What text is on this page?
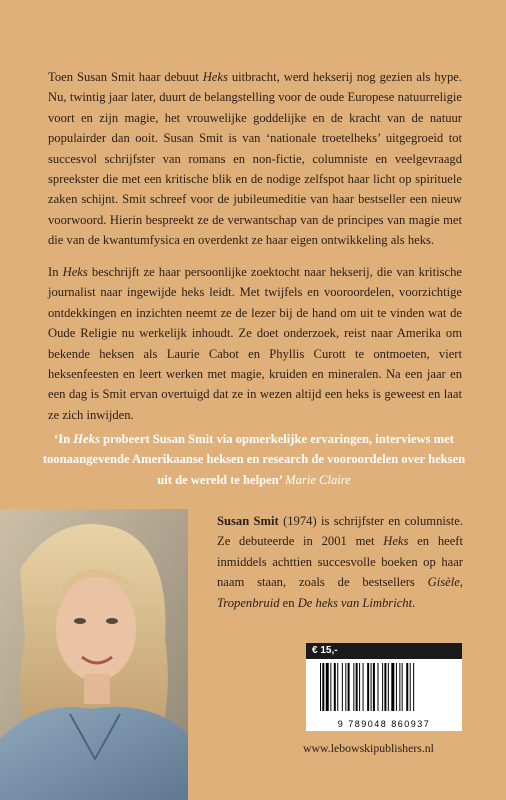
Toen Susan Smit haar debuut Heks uitbracht, werd hekserij nog gezien als hype. Nu, twintig jaar later, duurt de belangstelling voor de oude Europese natuurreligie voort en zijn magie, het vrouwelijke goddelijke en de kracht van de natuur populairder dan ooit. Susan Smit is van ‘nationale troetelheks’ uitgegroeid tot succesvol schrijfster van romans en non-fictie, columniste en veelgevraagd spreekster die met een kritische blik en de nodige zelfspot haar licht op spirituele zaken schijnt. Smit schreef voor de jubileumeditie van haar bestseller een nieuw voorwoord. Hierin bespreekt ze de verwantschap van de principes van magie met die van de kwantumfysica en overdenkt ze haar eigen ontwikkeling als heks.

In Heks beschrijft ze haar persoonlijke zoektocht naar hekserij, die van kritische journalist naar ingewijde heks leidt. Met twijfels en vooroordelen, voorzichtige ontdekkingen en inzichten neemt ze de lezer bij de hand om uit te vinden wat de Oude Religie nu werkelijk inhoudt. Ze doet onderzoek, reist naar Amerika om bekende heksen als Laurie Cabot en Phyllis Curott te ontmoeten, viert heksenfeesten en leert werken met magie, kruiden en mineralen. Na een jaar en een dag is Smit ervan overtuigd dat ze in wezen altijd een heks is geweest en laat ze zich inwijden.

‘In Heks probeert Susan Smit via opmerkelijke ervaringen, interviews met toonaangevende Amerikaanse heksen en research de vooroordelen over heksen uit de wereld te helpen’ Marie Claire

Susan Smit (1974) is schrijfster en columniste. Ze debuteerde in 2001 met Heks en heeft inmiddels achttien succesvolle boeken op haar naam staan, zoals de bestsellers Gisèle, Tropenbruid en De heks van Limbricht.

€ 15,-
9 789048 860937

www.lebowskipublishers.nl
